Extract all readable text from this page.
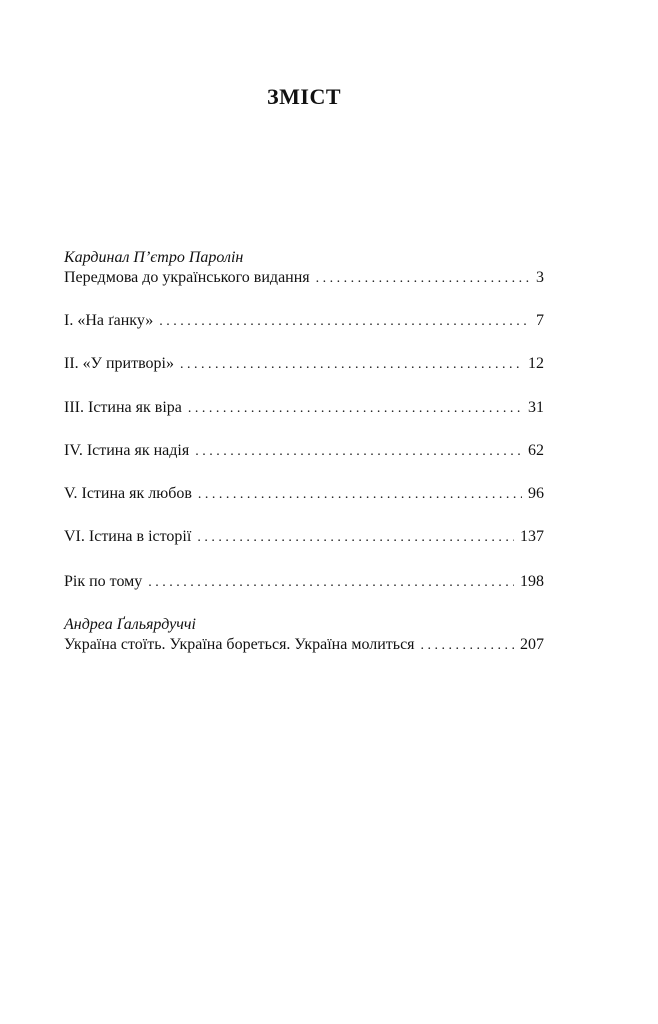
ЗМІСТ
Кардинал П’єтро Паролін
Передмова до українського видання . . .	3
I. «На ґанку» . . .	7
II. «У притворі» . . .	12
III. Істина як віра . . .	31
IV. Істина як надія . . .	62
V. Істина як любов . . .	96
VI. Істина в історії . . .	137
Рік по тому . . .	198
Андреа Ґальярдуччі
Україна стоїть. Україна бореться. Україна молиться . . .	207
